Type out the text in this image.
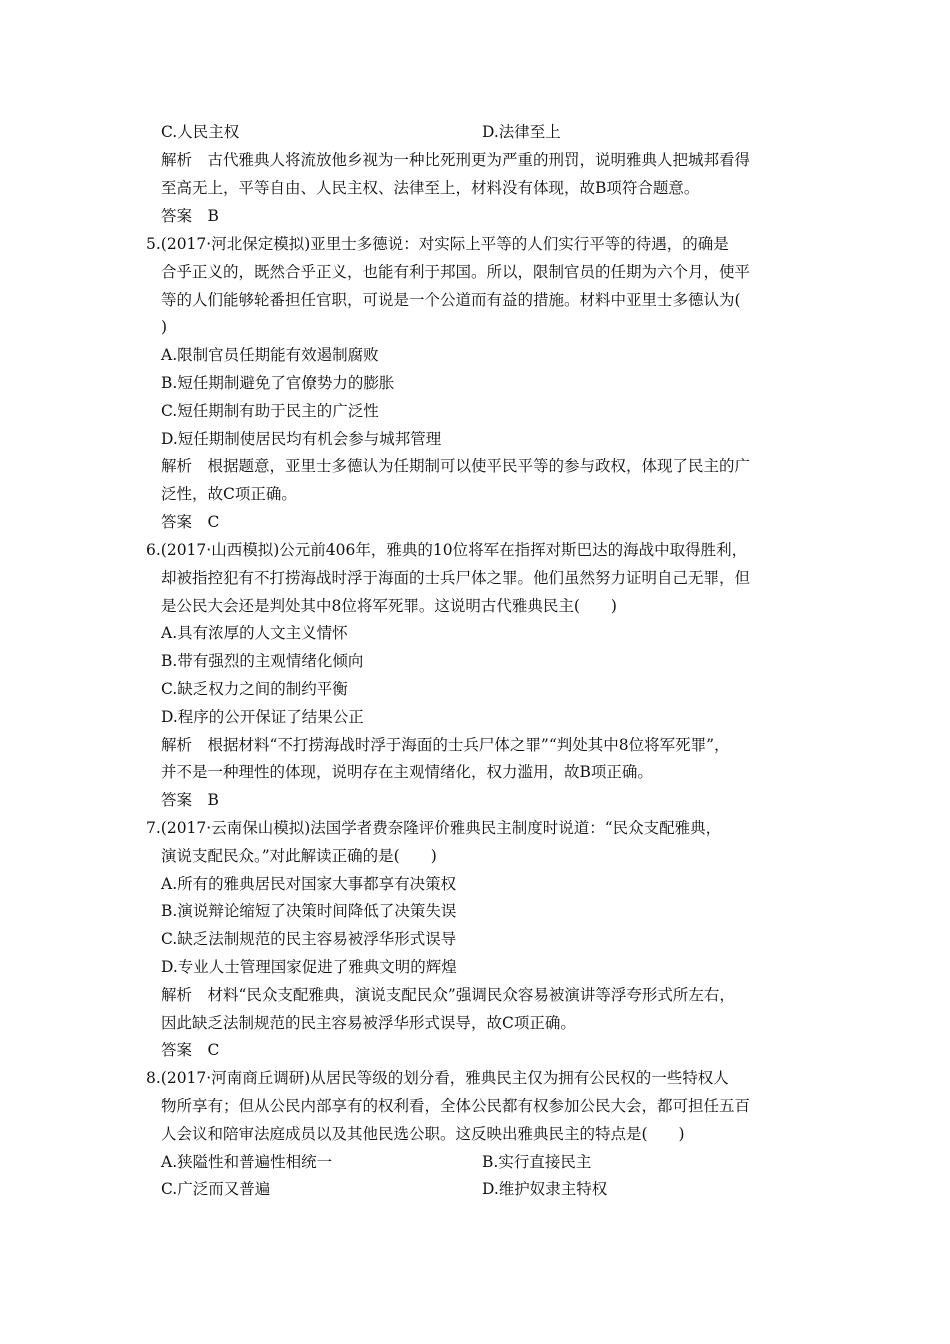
C.人民主权	D.法律至上
解析　古代雅典人将流放他乡视为一种比死刑更为严重的刑罚，说明雅典人把城邦看得
至高无上，平等自由、人民主权、法律至上，材料没有体现，故B项符合题意。
答案　B
5.(2017·河北保定模拟)亚里士多德说：对实际上平等的人们实行平等的待遇，的确是
合乎正义的，既然合乎正义，也能有利于邦国。所以，限制官员的任期为六个月，使平
等的人们能够轮番担任官职，可说是一个公道而有益的措施。材料中亚里士多德认为(
)
A.限制官员任期能有效遏制腐败
B.短任期制避免了官僚势力的膨胀
C.短任期制有助于民主的广泛性
D.短任期制使居民均有机会参与城邦管理
解析　根据题意，亚里士多德认为任期制可以使平民平等的参与政权，体现了民主的广
泛性，故C项正确。
答案　C
6.(2017·山西模拟)公元前406年，雅典的10位将军在指挥对斯巴达的海战中取得胜利，
却被指控犯有不打捞海战时浮于海面的士兵尸体之罪。他们虽然努力证明自己无罪，但
是公民大会还是判处其中8位将军死罪。这说明古代雅典民主(　　)
A.具有浓厚的人文主义情怀
B.带有强烈的主观情绪化倾向
C.缺乏权力之间的制约平衡
D.程序的公开保证了结果公正
解析　根据材料“不打捞海战时浮于海面的士兵尸体之罪”“判处其中8位将军死罪”，
并不是一种理性的体现，说明存在主观情绪化，权力滥用，故B项正确。
答案　B
7.(2017·云南保山模拟)法国学者费奈隆评价雅典民主制度时说道：“民众支配雅典，
演说支配民众。”对此解读正确的是(　　)
A.所有的雅典居民对国家大事都享有决策权
B.演说辩论缩短了决策时间降低了决策失误
C.缺乏法制规范的民主容易被浮华形式误导
D.专业人士管理国家促进了雅典文明的辉煌
解析　材料“民众支配雅典，演说支配民众”强调民众容易被演讲等浮夸形式所左右，
因此缺乏法制规范的民主容易被浮华形式误导，故C项正确。
答案　C
8.(2017·河南商丘调研)从居民等级的划分看，雅典民主仅为拥有公民权的一些特权人
物所享有；但从公民内部享有的权利看，全体公民都有权参加公民大会，都可担任五百
人会议和陪审法庭成员以及其他民选公职。这反映出雅典民主的特点是(　　)
A.狭隘性和普遍性相统一	B.实行直接民主
C.广泛而又普遍	D.维护奴隶主特权
